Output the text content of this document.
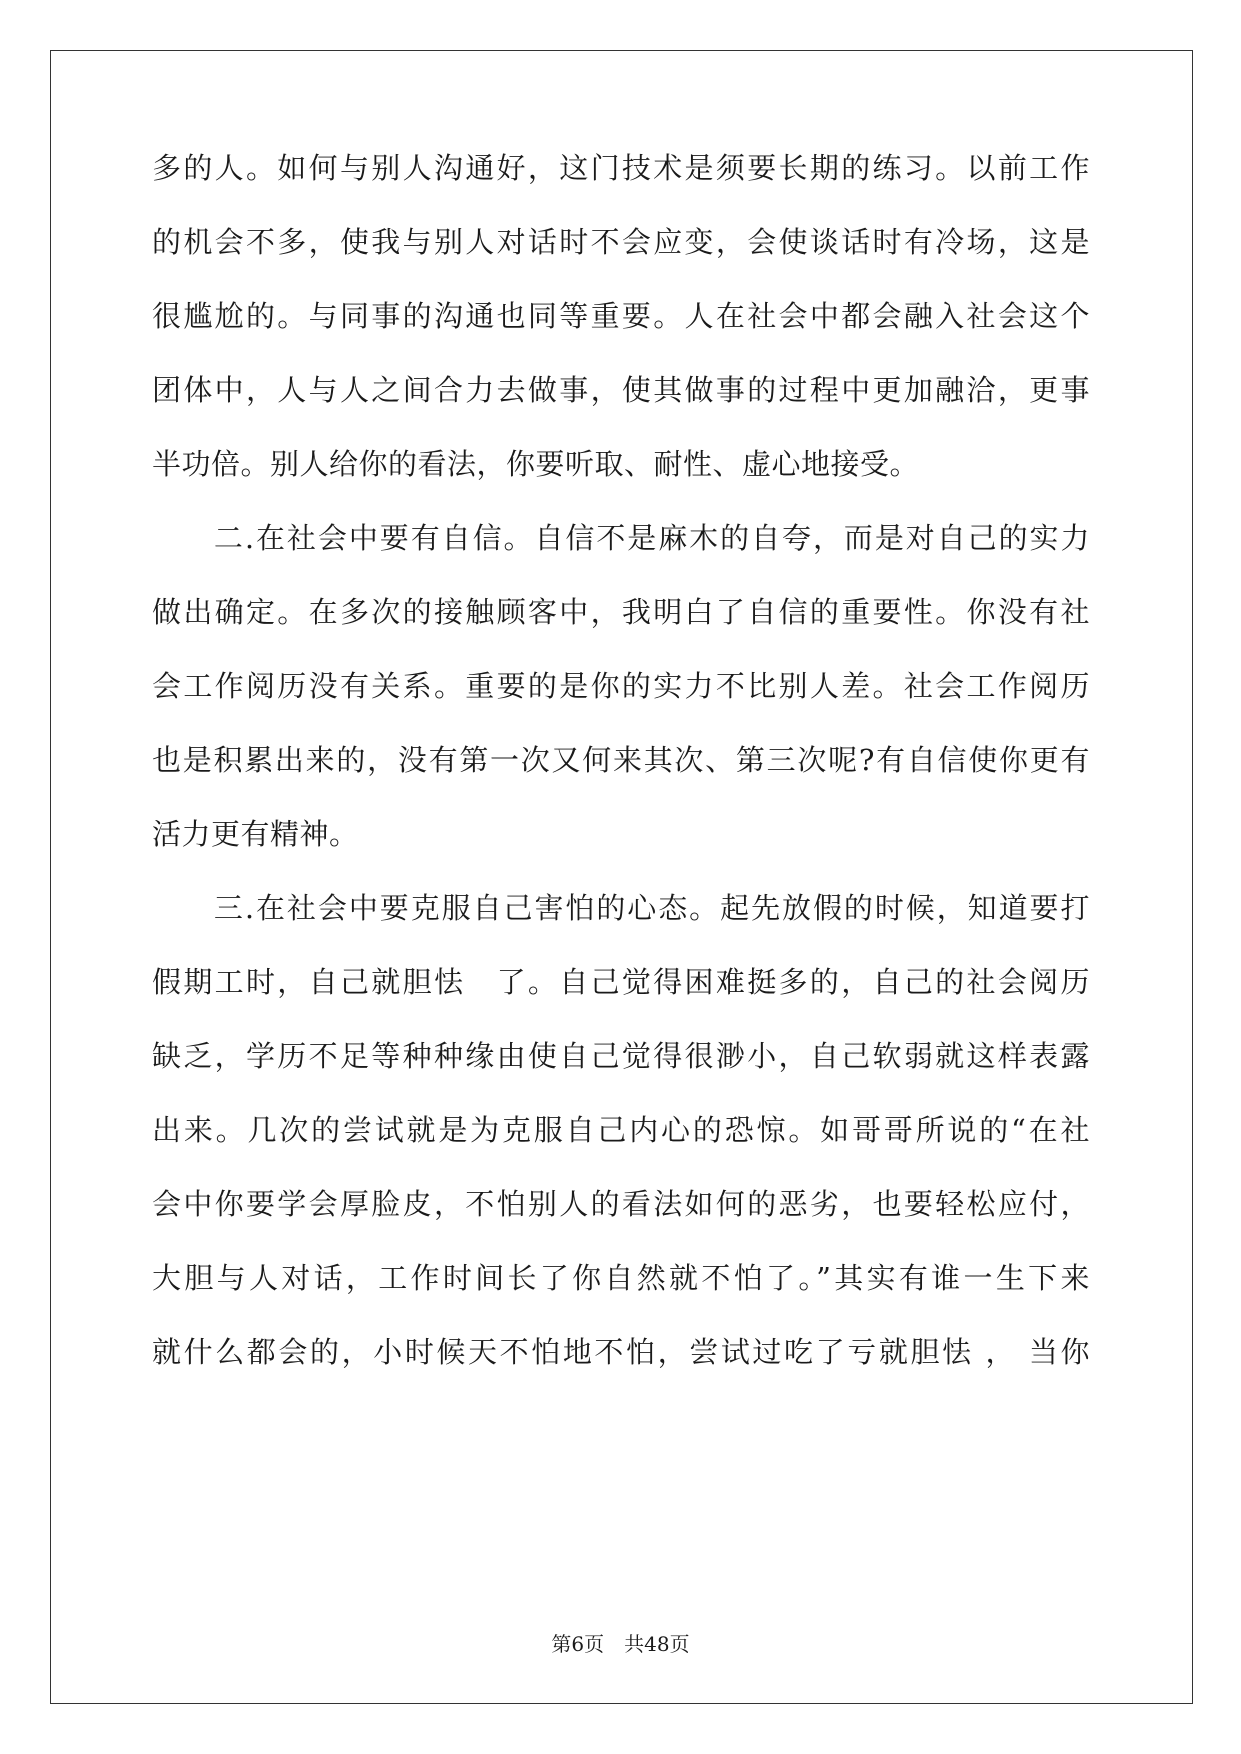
多的人。如何与别人沟通好，这门技术是须要长期的练习。以前工作
的机会不多，使我与别人对话时不会应变，会使谈话时有冷场，这是
很尴尬的。与同事的沟通也同等重要。人在社会中都会融入社会这个
团体中，人与人之间合力去做事，使其做事的过程中更加融洽，更事
半功倍。别人给你的看法，你要听取、耐性、虚心地接受。
　　二.在社会中要有自信。自信不是麻木的自夸，而是对自己的实力
做出确定。在多次的接触顾客中，我明白了自信的重要性。你没有社
会工作阅历没有关系。重要的是你的实力不比别人差。社会工作阅历
也是积累出来的，没有第一次又何来其次、第三次呢?有自信使你更有
活力更有精神。
　　三.在社会中要克服自己害怕的心态。起先放假的时候，知道要打
假期工时，自己就胆怯　了。自己觉得困难挺多的，自己的社会阅历
缺乏，学历不足等种种缘由使自己觉得很渺小，自己软弱就这样表露
出来。几次的尝试就是为克服自己内心的恐惊。如哥哥所说的“在社
会中你要学会厚脸皮，不怕别人的看法如何的恶劣，也要轻松应付，
大胆与人对话，工作时间长了你自然就不怕了。”其实有谁一生下来
就什么都会的，小时候天不怕地不怕，尝试过吃了亏就胆怯 ， 当你
第6页　共48页
